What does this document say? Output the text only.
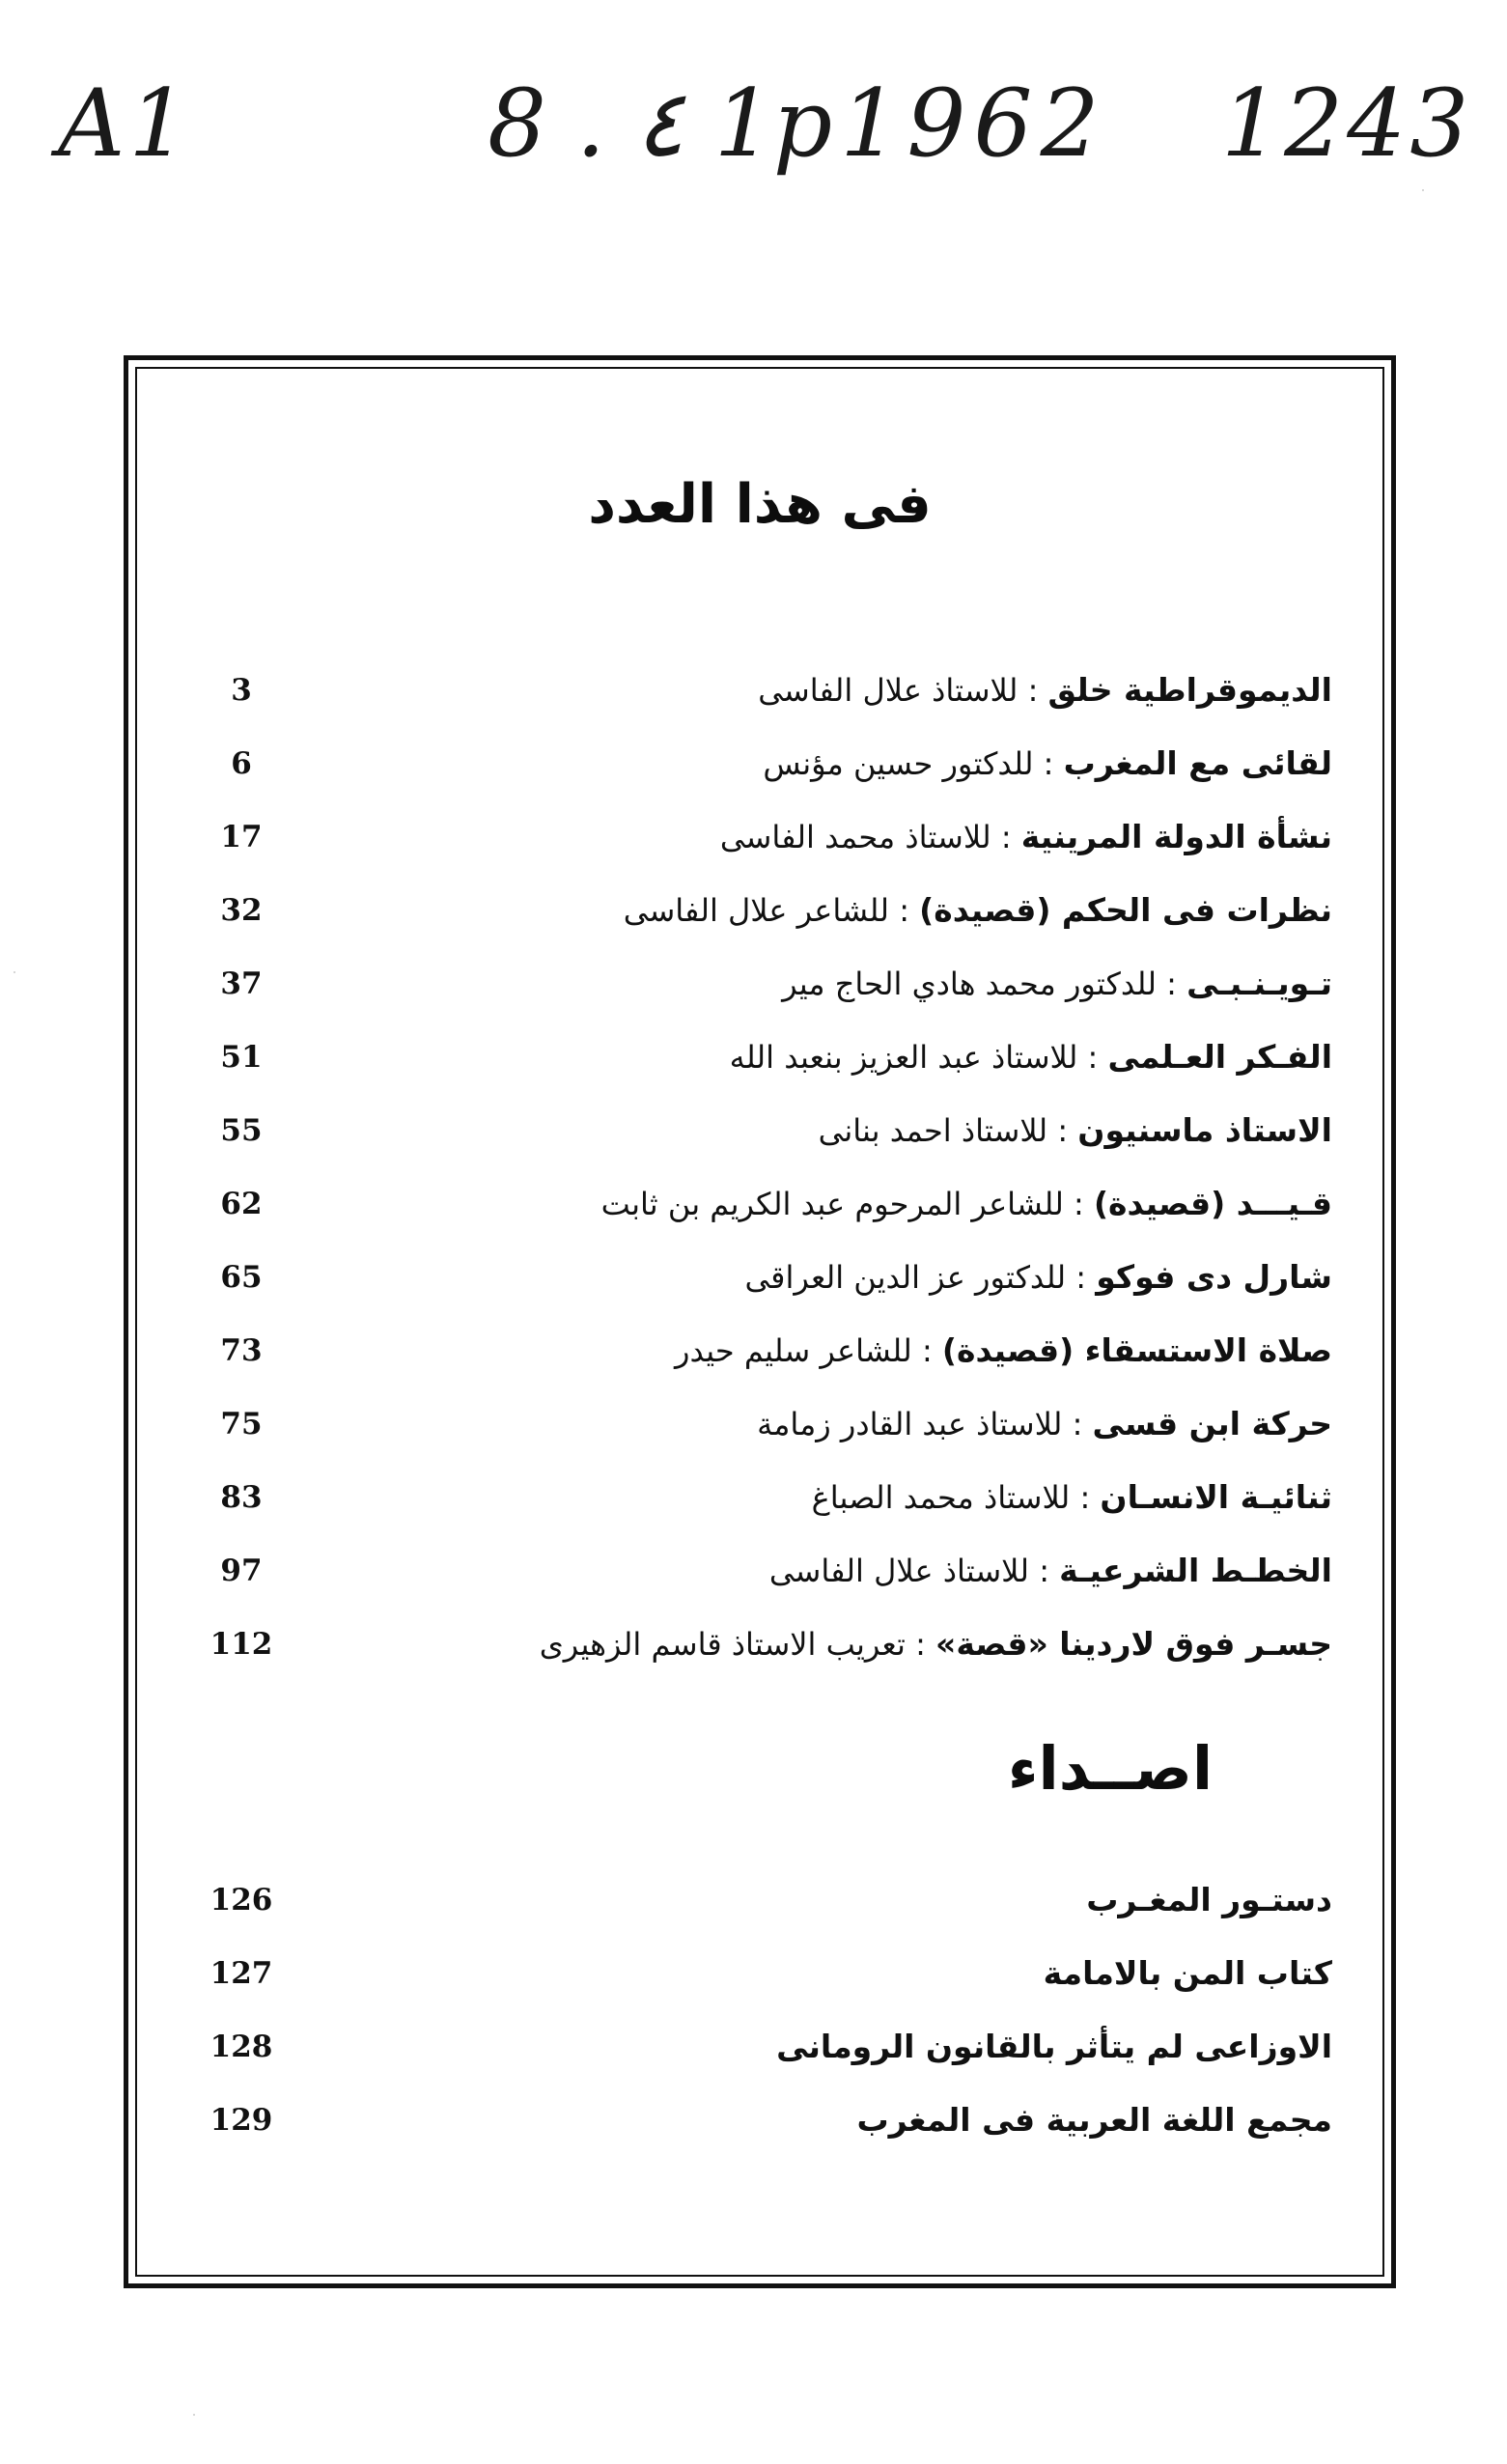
A1	8 . ٤ 1p1962 1243
فى هذا العدد
الديموقراطية خلق : للاستاذ علال الفاسى
3
لقائى مع المغرب : للدكتور حسين مؤنس
6
نشأة الدولة المرينية : للاستاذ محمد الفاسى
17
نظرات فى الحكم (قصيدة) : للشاعر علال الفاسى
32
تـويـنـبـى : للدكتور محمد هادي الحاج مير
37
الفـكر العـلمى : للاستاذ عبد العزيز بنعبد الله
51
الاستاذ ماسنيون : للاستاذ احمد بنانى
55
قـيـــد (قصيدة) : للشاعر المرحوم عبد الكريم بن ثابت
62
شارل دى فوكو : للدكتور عز الدين العراقى
65
صلاة الاستسقاء (قصيدة) : للشاعر سليم حيدر
73
حركة ابن قسى : للاستاذ عبد القادر زمامة
75
ثنائيـة الانسـان : للاستاذ محمد الصباغ
83
الخطـط الشرعيـة : للاستاذ علال الفاسى
97
جسـر فوق لاردينا «قصة» : تعريب الاستاذ قاسم الزهيرى
112
اصــداء
دستـور المغـرب
126
كتاب المن بالامامة
127
الاوزاعى لم يتأثر بالقانون الرومانى
128
مجمع اللغة العربية فى المغرب
129
